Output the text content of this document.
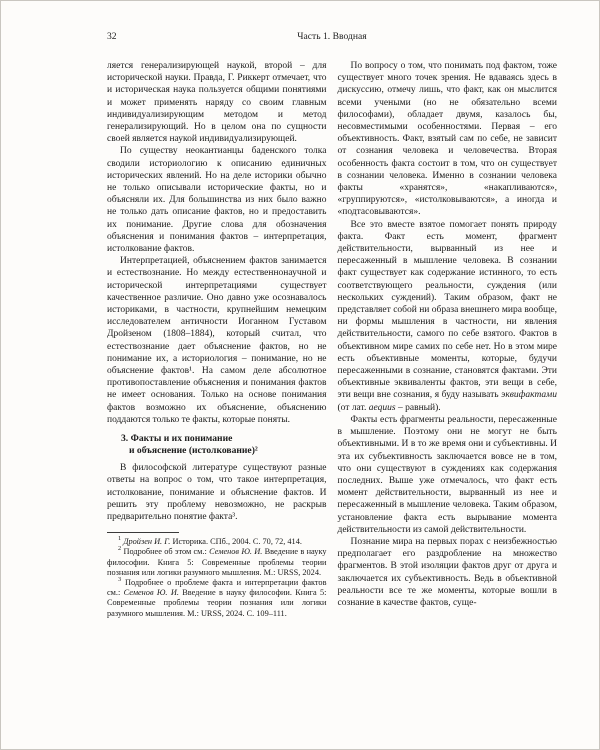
32	Часть 1. Вводная

ляется генерализирующей наукой, второй – для исторической науки. Правда, Г. Риккерт отмечает, что и историческая наука пользуется общими понятиями и может применять наряду со своим главным индивидуализирующим методом и метод генерализирующий. Но в целом она по сущности своей является наукой индивидуализирующей.

По существу неокантианцы баденского толка сводили историологию к описанию единичных исторических явлений. Но на деле историки обычно не только описывали исторические факты, но и объясняли их. Для большинства из них было важно не только дать описание фактов, но и предоставить их понимание. Другие слова для обозначения объяснения и понимания фактов – интерпретация, истолкование фактов.

Интерпретацией, объяснением фактов занимается и естествознание. Но между естественнонаучной и исторической интерпретациями существует качественное различие. Оно давно уже осознавалось историками, в частности, крупнейшим немецким исследователем античности Иоганном Густавом Дройзеном (1808–1884), который считал, что естествознание дает объяснение фактов, но не понимание их, а историология – понимание, но не объяснение фактов¹. На самом деле абсолютное противопоставление объяснения и понимания фактов не имеет основания. Только на основе понимания фактов возможно их объяснение, объяснению поддаются только те факты, которые поняты.

3. Факты и их понимание
и объяснение (истолкование)²

В философской литературе существуют разные ответы на вопрос о том, что такое интерпретация, истолкование, понимание и объяснение фактов. И решить эту проблему невозможно, не раскрыв предварительно понятие факта³.

$^1$ Дройзен И. Г. Историка. СПб., 2004. С. 70, 72, 414.

$^2$ Подробнее об этом см.: Семенов Ю. И. Введение в науку философии. Книга 5: Современные проблемы теории познания или логики разумного мышления. М.: URSS, 2024.

$^3$ Подробнее о проблеме факта и интерпретации фактов см.: Семенов Ю. И. Введение в науку философии. Книга 5: Современные проблемы теории познания или логики разумного мышления. М.: URSS, 2024. С. 109–111.

По вопросу о том, что понимать под фактом, тоже существует много точек зрения. Не вдаваясь здесь в дискуссию, отмечу лишь, что факт, как он мыслится всеми учеными (но не обязательно всеми философами), обладает двумя, казалось бы, несовместимыми особенностями. Первая – его объективность. Факт, взятый сам по себе, не зависит от сознания человека и человечества. Вторая особенность факта состоит в том, что он существует в сознании человека. Именно в сознании человека факты «хранятся», «накапливаются», «группируются», «истолковываются», а иногда и «подтасовываются».

Все это вместе взятое помогает понять природу факта. Факт есть момент, фрагмент действительности, вырванный из нее и пересаженный в мышление человека. В сознании факт существует как содержание истинного, то есть соответствующего реальности, суждения (или нескольких суждений). Таким образом, факт не представляет собой ни образа внешнего мира вообще, ни формы мышления в частности, ни явления действительности, самого по себе взятого. Фактов в объективном мире самих по себе нет. Но в этом мире есть объективные моменты, которые, будучи пересаженными в сознание, становятся фактами. Эти объективные эквиваленты фактов, эти вещи в себе, эти вещи вне сознания, я буду называть эквифактами (от лат. aequus – равный).

Факты есть фрагменты реальности, пересаженные в мышление. Поэтому они не могут не быть объективными. И в то же время они и субъективны. И эта их субъективность заключается вовсе не в том, что они существуют в суждениях как содержания последних. Выше уже отмечалось, что факт есть момент действительности, вырванный из нее и пересаженный в мышление человека. Таким образом, установление факта есть вырывание момента действительности из самой действительности.

Познание мира на первых порах с неизбежностью предполагает его раздробление на множество фрагментов. В этой изоляции фактов друг от друга и заключается их субъективность. Ведь в объективной реальности все те же моменты, которые вошли в сознание в качестве фактов, суще-
